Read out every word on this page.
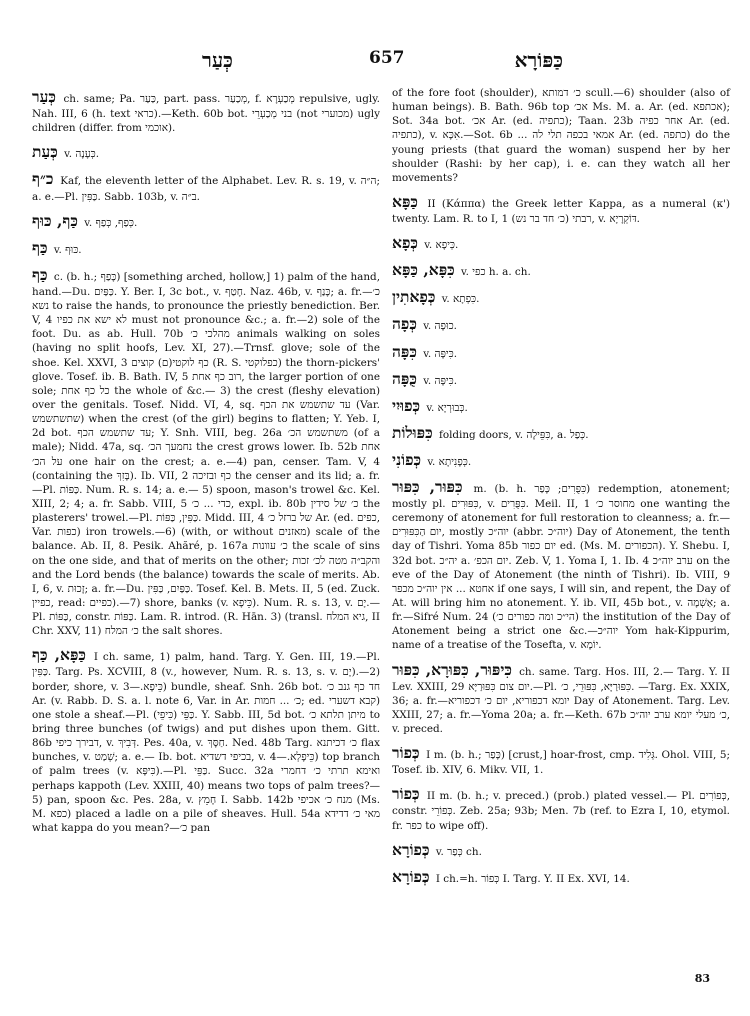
כְּעַר	657	כַּפּוֹרָא

כְּעַר ch. same; Pa. כַּעַר, part. pass. מְכַעַר, f. מְכַעְרָא repulsive, ugly. Nah. III, 6 (h. text כראי).—Keth. 60b bot. בני מְכַעְרֵי (not מכוערי) ugly children (differ. from אוכמי).

כְּעַת v. כְּעָנָה.

כ״ף Kaf, the eleventh letter of the Alphabet. Lev. R. s. 19, v. ה״ה; a. e.—Pl. כַּפִּין. Sabb. 103b, v. ב״ה.

כַּף, כּוּף v. כְּפַף, כְּפַף.

כַּף v. כּוּף.

כַּף c. (b. h.; כָּפַף) [something arched, hollow,] 1) palm of the hand, hand.—Du. כַּפַּיִם. Y. Ber. I, 3c bot., v. חָטַף. Naz. 46b, v. כָּנַף; a. fr.—כ׳ נשא to raise the hands, to pronounce the priestly benediction. Ber. V, 4 לא ישא את כפיו must not pronounce &c.; a. fr.—2) sole of the foot. Du. as ab. Hull. 70b מהלכי כ׳ animals walking on soles (having no split hoofs, Lev. XI, 27).—Trnsf. glove; sole of the shoe. Kel. XXVI, 3 כף לוקטי(ם) קוצים (R. S. כפלוקטי) the thorn-pickers' glove. Tosef. ib. B. Bath. IV, 5 רוב כף אחת, the larger portion of one sole; כל כף אחת the whole of &c.— 3) the crest (fleshy elevation) over the genitals. Tosef. Nidd. VI, 4, sq. עד שתשמש את הכף (Var. שתשתשמש) when the crest (of the girl) begins to flatten; Y. Yeb. I, 2d bot. עד שתשמש הכף; Y. Snh. VIII, beg. 26a משתשמש הכ׳ (of a male); Nidd. 47a, sq. נחמעך הכ׳ the crest grows lower. Ib. 52b אחת על הכ׳ one hair on the crest; a. e.—4) pan, censer. Tam. V, 4 (containing the בָּזִךְ). Ib. VII, 2 כף ובזיכה the censer and its lid; a. fr.—Pl. כַּפּוֹת. Num. R. s. 14; a. e.— 5) spoon, mason's trowel &c. Kel. XIII, 2; 4; a. fr. Sabb. VIII, 5 כדי ... כ׳, expl. ib. 80b כ׳ של סידין the plasterers' trowel.—Pl. כַּפִּין, כַּפּוֹת. Midd. III, 4 של ברזל כ׳ Ar. (ed. כפים, Var. כפות) iron trowels.—6) (with, or without מאזנים) scale of the balance. Ab. II, 8. Pesik. Ahăré, p. 167a כ׳ עוונות the scale of sins on the one side, and that of merits on the other; והקב״ה מטה לכ׳ זכות and the Lord bends (the balance) towards the scale of merits. Ab. I, 6, v. זָכוּת; a. fr.—Du. כַּפַּיִם, כַּפִּין. Tosef. Kel. B. Mets. II, 5 (ed. Zuck. כפיין, read: כפיים).—7) shore, banks (v. כֵּיפָא). Num. R. s. 13, v. יָם.—Pl. כַּפּוֹת, constr. כַּפּוֹת. Lam. R. introd. (R. Hān. 3) (transl. גיא המלח, II Chr. XXV, 11) כ׳ המלח the salt shores.

כַּפָּא, כַּף I ch. same, 1) palm, hand. Targ. Y. Gen. III, 19.—Pl. כַּפִּין. Targ. Ps. XCVIII, 8 (v., however, Num. R. s. 13, s. v. יָם).—2) border, shore, v. כֵּיפָא.—3) bundle, sheaf. Snh. 26b bot. חד כף גנב כ׳ Ar. (v. Rabb. D. S. a. l. note 6, Var. in Ar. כ׳ ... חמות; ed. קבא דשערי) one stole a sheaf.—Pl. כַּפֵּי (כִּיפֵי). Y. Sabb. III, 5d bot. מיתן תלתא כ׳ to bring three bunches (of twigs) and put dishes upon them. Gitt. 86b דבירך כיפי, v. דְּבִיךְ. Pes. 40a, v. חַסָּךְ. Ned. 48b Targ. כ׳ דכיתנא flax bunches, v. שְׁמַט; a. e.— Ib. bot. בכיפי דשדיא, v. כֵּיפָלְא.—4) top branch of palm trees (v. כִּיפָּא).—Pl. כַּפֵּי. Succ. 32a ואימא תרתי כ׳ דחמרי perhaps kappoth (Lev. XXIII, 40) means two tops of palm trees?—5) pan, spoon &c. Pes. 28a, v. חָמֵץ I. Sabb. 142b מנח כ׳ אכיפי (Ms. M. כפא) placed a ladle on a pile of sheaves. Hull. 54a מאי כ׳ דדידא what kappa do you mean?—כ׳ pan

of the fore foot (shoulder), כ׳ דמותא scull.—6) shoulder (also of human beings). B. Bath. 96b top אכ׳ Ms. M. a. Ar. (ed. אכתפא); Sot. 34a bot. אכ׳ Ar. (ed. כתפיה); Taan. 23b אחר כפיה Ar. (ed. כתפיה), v. אִכָּא.—Sot. 6b ... אמאי בכפה תלי לה Ar. (ed. כתפה) do the young priests (that guard the woman) suspend her by her shoulder (Rashi: by her cap), i. e. can they watch all her movements?

כַּפָּא II (Κάππα) the Greek letter Kappa, as a numeral (κ') twenty. Lam. R. to I, 1 רבתי (כ׳ חד בר נש), v. דּוֹקְרָיָא.

כְּפָא v. כְּיפָא.

כִּפָּא, כַּפָּא v. כפי h. a. ch.

כְּפָאתִין v. כִּפְתָא.

כְּפָה v. כוּפָה.

כִּפָּה v. כִּיפָּה.

כֻּפָּה v. כִּיפָּה.

כְּפוּיִי v. כְּבוּרְיָא.

כִּפּוּלוֹת folding doors, v. כִּפֵּילָה, a. כְּפַל.

כְּפוֹנִי v. כְּפָנִיתָא.

כִּפּוּר, כִּפּוּר m. (b. h. כִּפֻּרִים; כָּפַר) redemption, atonement; mostly pl. כִּפּוּרִים, v. כִּפֻּרִים. Meil. II, 1 מחוסר כ׳ one wanting the ceremony of atonement for full restoration to cleanness; a. fr.—יום הַכִּפּוּרִים, mostly יוה״כ (abbr. יוה״כ) Day of Atonement, the tenth day of Tishri. Yoma 85b יום כפור ed. (Ms. M. הכפורים). Y. Shebu. I, 32d bot. יה״כ a. יום הכפ׳. Zeb. V, 1. Yoma I, 1. Ib. 4 ערב יוה״כ on the eve of the Day of Atonement (the ninth of Tishri). Ib. VIII, 9 אחטא ... אין יוה״כ מכפר if one says, I will sin, and repent, the Day of At. will bring him no atonement. Y. ib. VII, 45b bot., v. אַשְׁמָה; a. fr.—Sifré Num. 24 (הי״כ ומה כפורים כ׳) the institution of the Day of Atonement being a strict one &c.—יוה״כ Yom hak-Kippurim, name of a treatise of the Tosefta, v. יוֹמָא.

כִּיפּוּר, כִּפּוּרָא, כִּפּוּר ch. same. Targ. Hos. III, 2.— Targ. Y. II Lev. XXIII, 29 יום צום כִּפּוּרַיָּא.—Pl. כִּפּוּרַיָּא, כִּפּוּרֵי, כ׳. —Targ. Ex. XXIX, 36; a. fr.—יומא דכפוריא, יום כ׳ דכפוריא Day of Atonement. Targ. Lev. XXIII, 27; a. fr.—Yoma 20a; a. fr.—Keth. 67b כ׳ מעלי יומא ערב יוה״כ, v. preced.

כְּפוֹר I m. (b. h.; כָּפַר) [crust,] hoar-frost, cmp. גְּלִיד. Ohol. VIII, 5; Tosef. ib. XIV, 6. Mikv. VII, 1.

כְּפוֹר II m. (b. h.; v. preced.) (prob.) plated vessel.— Pl. כְּפוֹרִים, constr. כְּפוֹרֵי. Zeb. 25a; 93b; Men. 7b (ref. to Ezra I, 10, etymol. fr. כפר to wipe off).

כְּפוֹרָא v. כְּפַר ch.

כְּפוֹרָא I ch.=h. כְּפוֹר I. Targ. Y. II Ex. XVI, 14.

83
